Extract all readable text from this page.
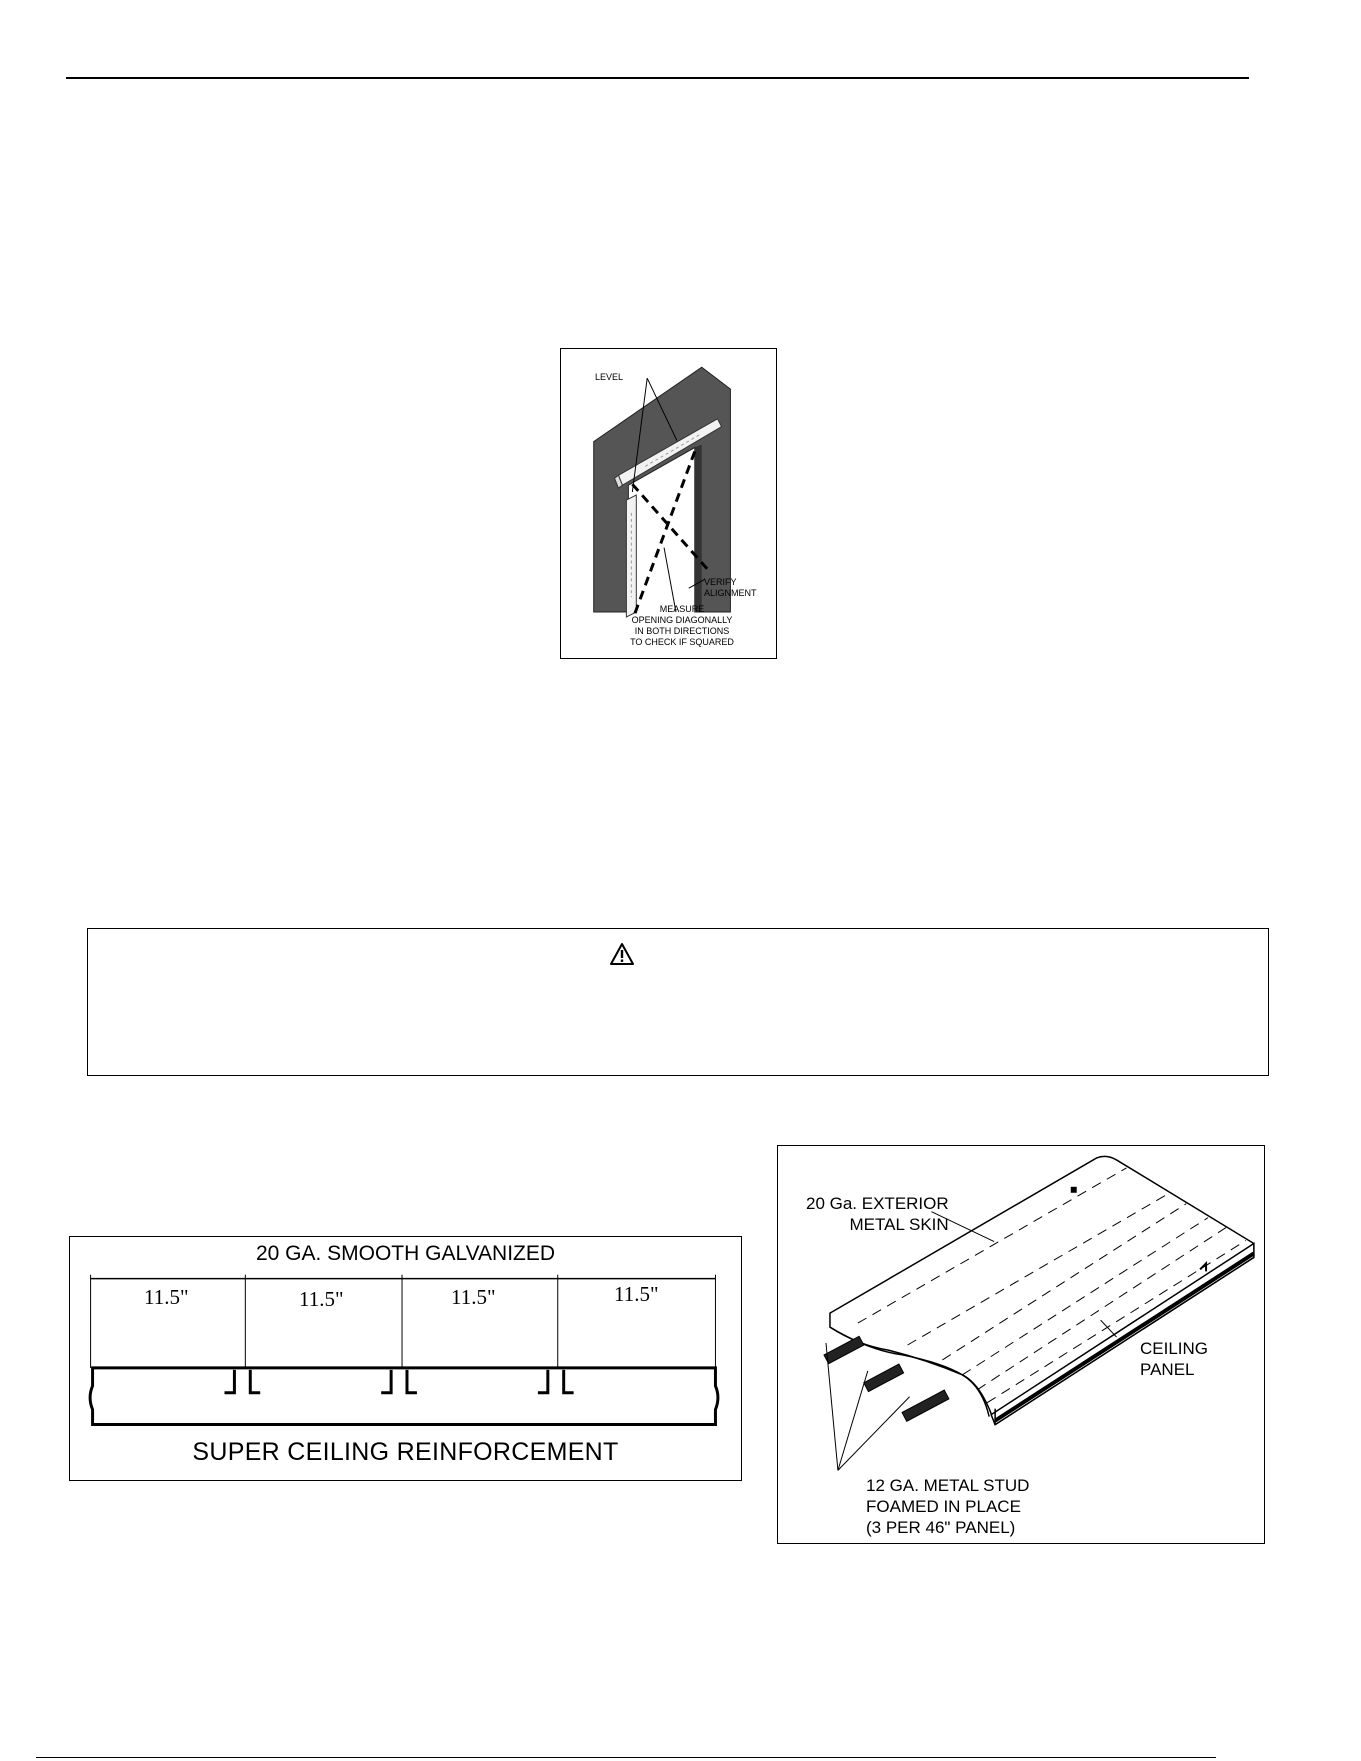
LEVEL
VERIFY
ALIGNMENT
MEASURE
OPENING DIAGONALLY
IN BOTH DIRECTIONS
TO CHECK IF SQUARED
20 GA. SMOOTH GALVANIZED
11.5"	11.5"	11.5"	11.5"
SUPER CEILING REINFORCEMENT
20 Ga. EXTERIOR
METAL SKIN
CEILING
PANEL
12 GA. METAL STUD
FOAMED IN PLACE
(3 PER 46" PANEL)
